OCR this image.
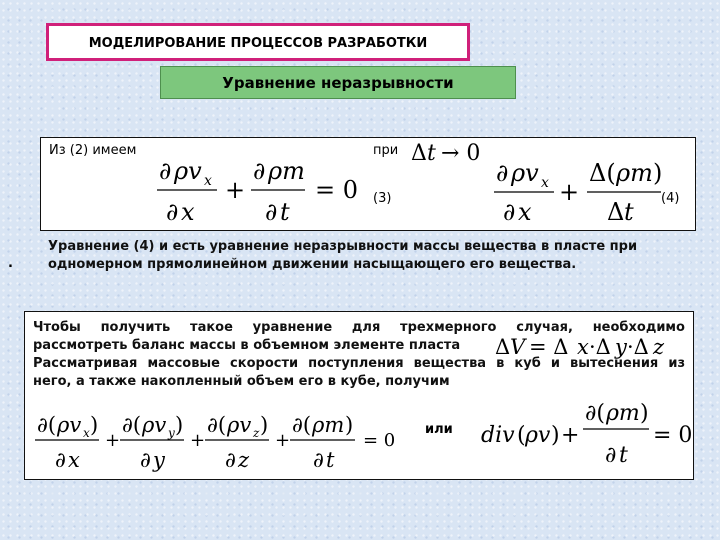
МОДЕЛИРОВАНИЕ ПРОЦЕССОВ РАЗРАБОТКИ
Уравнение неразрывности
Из (2) имеем	при
(3)	(4)
∂ ρv x
∂ x
+
∂ ρm
∂ t
= 0
Δ t → 0
∂ ρv x
∂ x
+
Δ( ρm )
Δ t
.
Уравнение (4) и есть уравнение неразрывности массы вещества в пласте при
одномерном прямолинейном движении насыщающего его вещества.
Чтобы получить такое уравнение для трехмерного случая, необходимо
рассмотреть баланс массы в объемном элементе пласта
Рассматривая массовые скорости поступления вещества в куб и вытеснения из
него, а также накопленный объем его в кубе, получим
Δ V = Δ x ·Δ y ·Δ z
или
∂( ρv x )
∂ x
+
∂( ρv y )
∂ y
+
∂( ρv z )
∂ z
+
∂( ρm )
∂ t
= 0	div ( ρv ) +
∂( ρm )
∂ t
= 0
